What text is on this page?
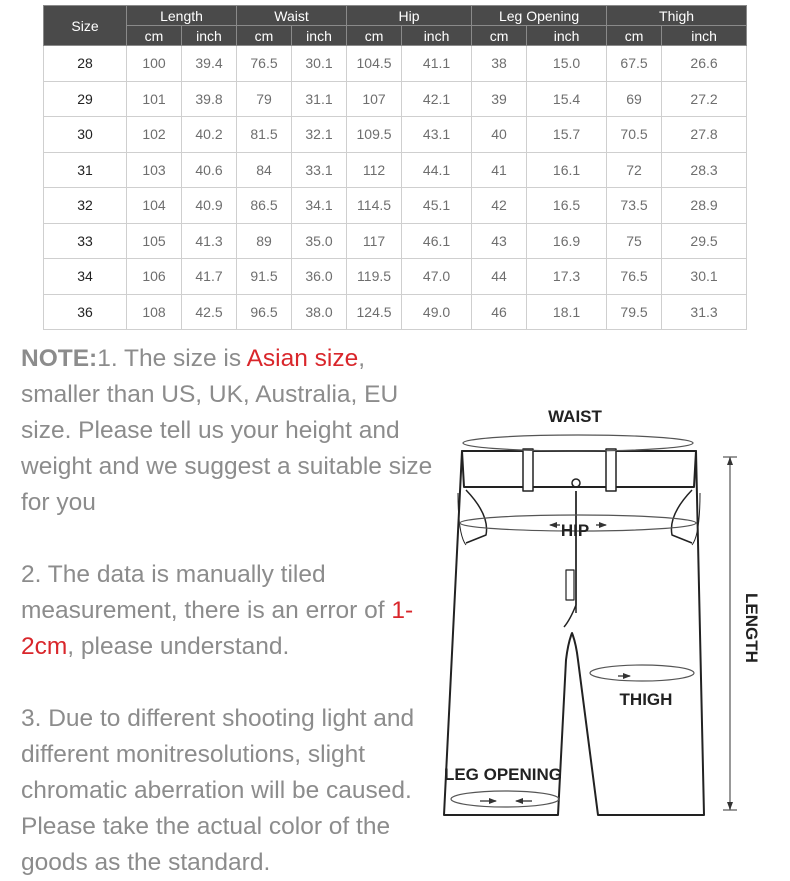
Size	Length		Waist		Hip		Leg Opening		Thigh	
	cm	inch	cm	inch	cm	inch	cm	inch	cm	inch
28	100	39.4	76.5	30.1	104.5	41.1	38	15.0	67.5	26.6
29	101	39.8	79	31.1	107	42.1	39	15.4	69	27.2
30	102	40.2	81.5	32.1	109.5	43.1	40	15.7	70.5	27.8
31	103	40.6	84	33.1	112	44.1	41	16.1	72	28.3
32	104	40.9	86.5	34.1	114.5	45.1	42	16.5	73.5	28.9
33	105	41.3	89	35.0	117	46.1	43	16.9	75	29.5
34	106	41.7	91.5	36.0	119.5	47.0	44	17.3	76.5	30.1
36	108	42.5	96.5	38.0	124.5	49.0	46	18.1	79.5	31.3

NOTE:1. The size is Asian size, smaller than US, UK, Australia, EU size. Please tell us your height and weight and we suggest a suitable size for you

2. The data is manually tiled measurement, there is an error of 1-2cm, please understand.

3. Due to different shooting light and different monitresolutions, slight chromatic aberration will be caused. Please take the actual color of the goods as the standard.

WAIST
HIP
THIGH
LEG OPENING
LENGTH
